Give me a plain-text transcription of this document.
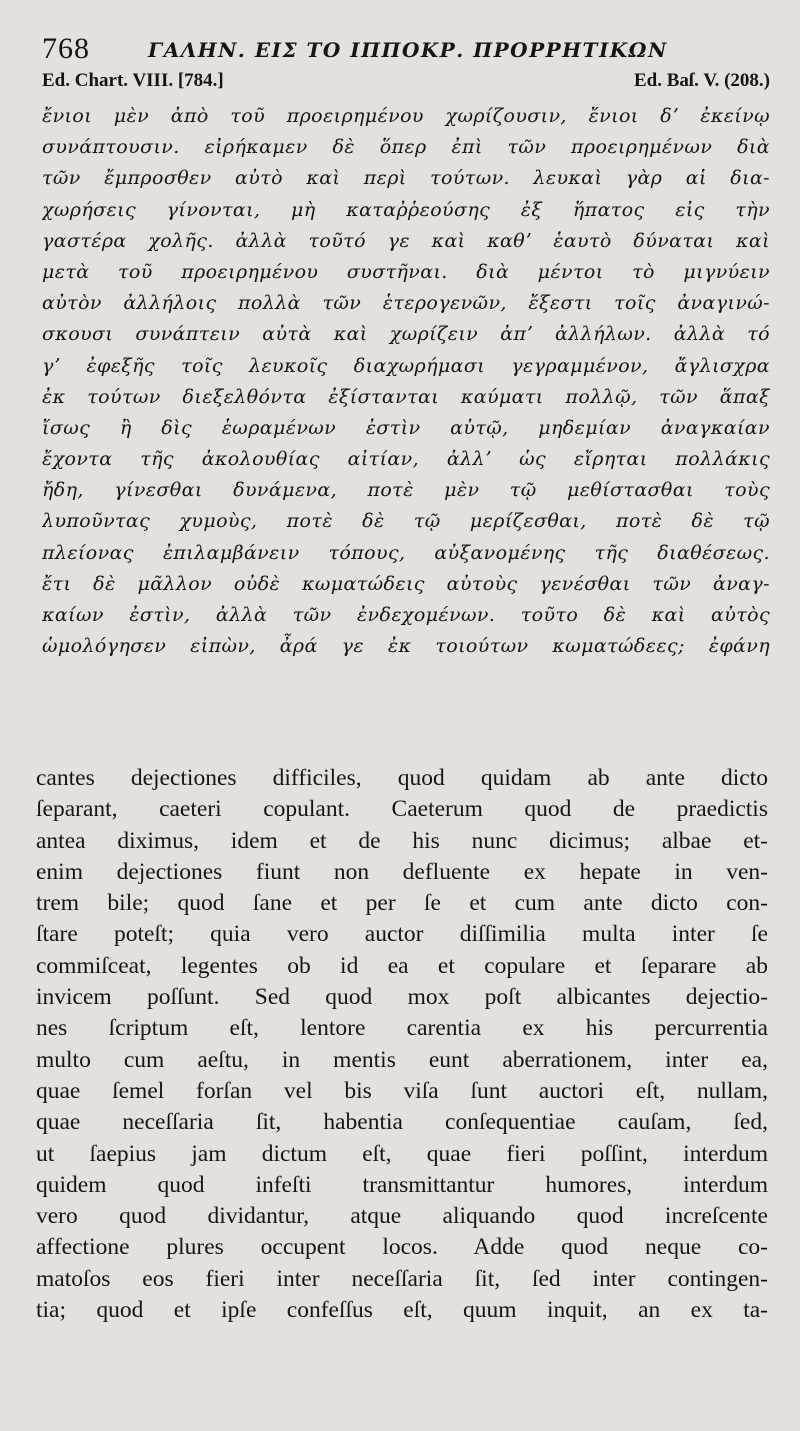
768	ΓΑΛΗΝ. ΕΙΣ ΤΟ ΙΠΠΟΚΡ. ΠΡΟΡΡΗΤΙΚΩΝ
Ed. Chart. VIII. [784.]	Ed. Baſ. V. (208.)
ἔνιοι μὲν ἀπὸ τοῦ προειρημένου χωρίζουσιν, ἔνιοι δʼ ἐκείνῳ
συνάπτουσιν. εἰρήκαμεν δὲ ὅπερ ἐπὶ τῶν προειρημένων διὰ
τῶν ἔμπροσθεν αὐτὸ καὶ περὶ τούτων. λευκαὶ γὰρ αἱ δια-
χωρήσεις γίνονται, μὴ καταῤῥεούσης ἐξ ἥπατος εἰς τὴν
γαστέρα χολῆς. ἀλλὰ τοῦτό γε καὶ καθʼ ἑαυτὸ δύναται καὶ
μετὰ τοῦ προειρημένου συστῆναι. διὰ μέντοι τὸ μιγνύειν
αὐτὸν ἀλλήλοις πολλὰ τῶν ἑτερογενῶν, ἔξεστι τοῖς ἀναγινώ-
σκουσι συνάπτειν αὐτὰ καὶ χωρίζειν ἀπʼ ἀλλήλων. ἀλλὰ τό
γʼ ἐφεξῆς τοῖς λευκοῖς διαχωρήμασι γεγραμμένον, ἄγλισχρα
ἐκ τούτων διεξελθόντα ἐξίστανται καύματι πολλῷ, τῶν ἅπαξ
ἴσως ἢ δὶς ἑωραμένων ἐστὶν αὐτῷ, μηδεμίαν ἀναγκαίαν
ἔχοντα τῆς ἀκολουθίας αἰτίαν, ἀλλʼ ὡς εἴρηται πολλάκις
ἤδη, γίνεσθαι δυνάμενα, ποτὲ μὲν τῷ μεθίστασθαι τοὺς
λυποῦντας χυμοὺς, ποτὲ δὲ τῷ μερίζεσθαι, ποτὲ δὲ τῷ
πλείονας ἐπιλαμβάνειν τόπους, αὐξανομένης τῆς διαθέσεως.
ἔτι δὲ μᾶλλον οὐδὲ κωματώδεις αὐτοὺς γενέσθαι τῶν ἀναγ-
καίων ἐστὶν, ἀλλὰ τῶν ἐνδεχομένων. τοῦτο δὲ καὶ αὐτὸς
ὡμολόγησεν εἰπὼν, ἆρά γε ἐκ τοιούτων κωματώδεες; ἐφάνη
cantes dejectiones difficiles, quod quidam ab ante dicto
ſeparant, caeteri copulant. Caeterum quod de praedictis
antea diximus, idem et de his nunc dicimus; albae et-
enim dejectiones fiunt non defluente ex hepate in ven-
trem bile; quod ſane et per ſe et cum ante dicto con-
ſtare poteſt; quia vero auctor diſſimilia multa inter ſe
commiſceat, legentes ob id ea et copulare et ſeparare ab
invicem poſſunt. Sed quod mox poſt albicantes dejectio-
nes ſcriptum eſt, lentore carentia ex his percurrentia
multo cum aeſtu, in mentis eunt aberrationem, inter ea,
quae ſemel forſan vel bis viſa ſunt auctori eſt, nullam,
quae neceſſaria ſit, habentia conſequentiae cauſam, ſed,
ut ſaepius jam dictum eſt, quae fieri poſſint, interdum
quidem quod infeſti transmittantur humores, interdum
vero quod dividantur, atque aliquando quod increſcente
affectione plures occupent locos. Adde quod neque co-
matoſos eos fieri inter neceſſaria ſit, ſed inter contingen-
tia; quod et ipſe confeſſus eſt, quum inquit, an ex ta-
